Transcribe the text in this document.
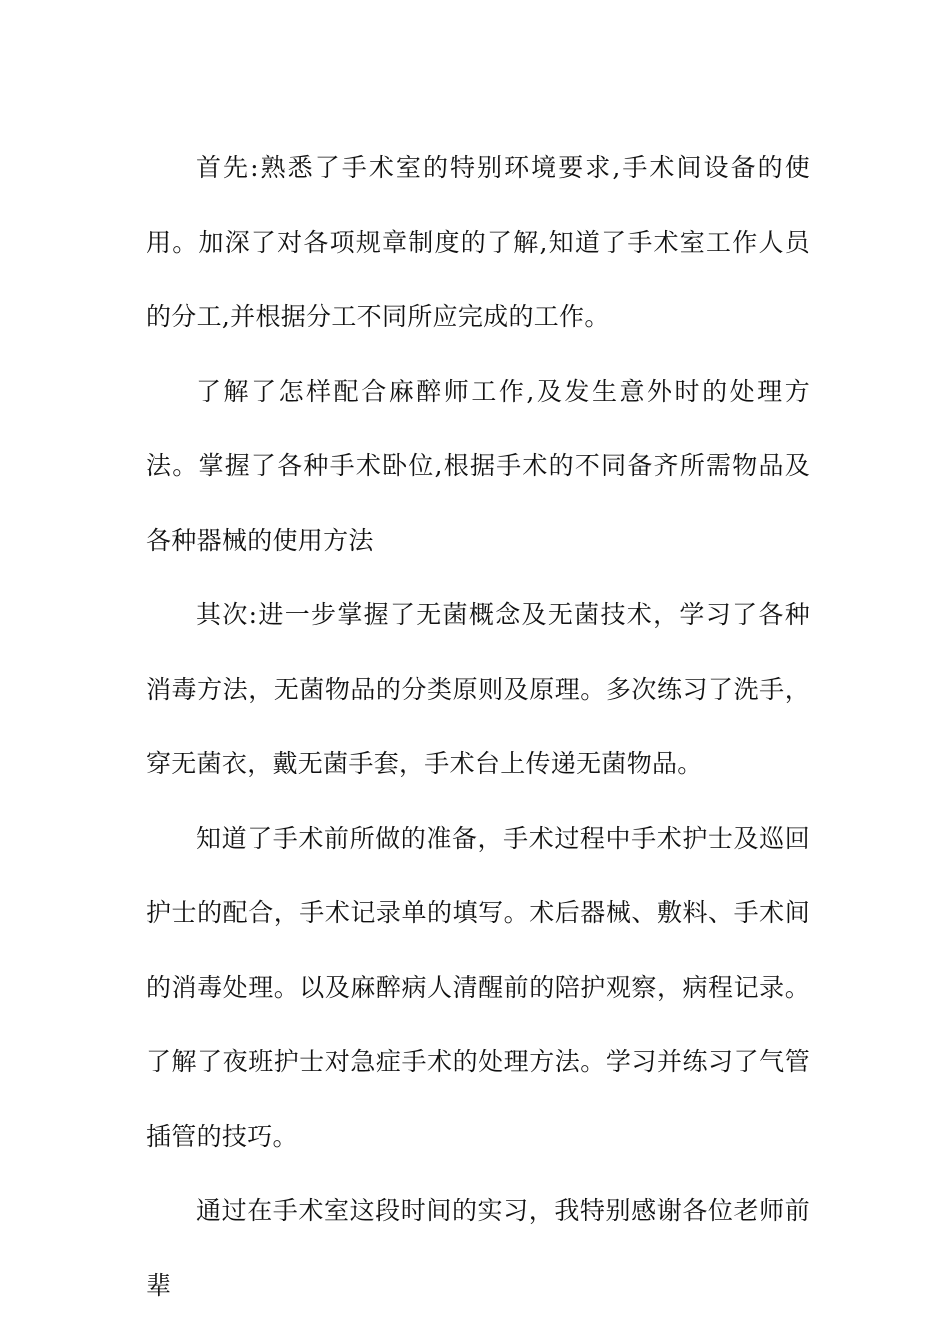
首先:熟悉了手术室的特别环境要求,手术间设备的使用。加深了对各项规章制度的了解,知道了手术室工作人员的分工,并根据分工不同所应完成的工作。

了解了怎样配合麻醉师工作,及发生意外时的处理方法。掌握了各种手术卧位,根据手术的不同备齐所需物品及各种器械的使用方法

其次:进一步掌握了无菌概念及无菌技术，学习了各种消毒方法，无菌物品的分类原则及原理。多次练习了洗手，穿无菌衣，戴无菌手套，手术台上传递无菌物品。

知道了手术前所做的准备，手术过程中手术护士及巡回护士的配合，手术记录单的填写。术后器械、敷料、手术间的消毒处理。以及麻醉病人清醒前的陪护观察，病程记录。了解了夜班护士对急症手术的处理方法。学习并练习了气管插管的技巧。

通过在手术室这段时间的实习，我特别感谢各位老师前辈
